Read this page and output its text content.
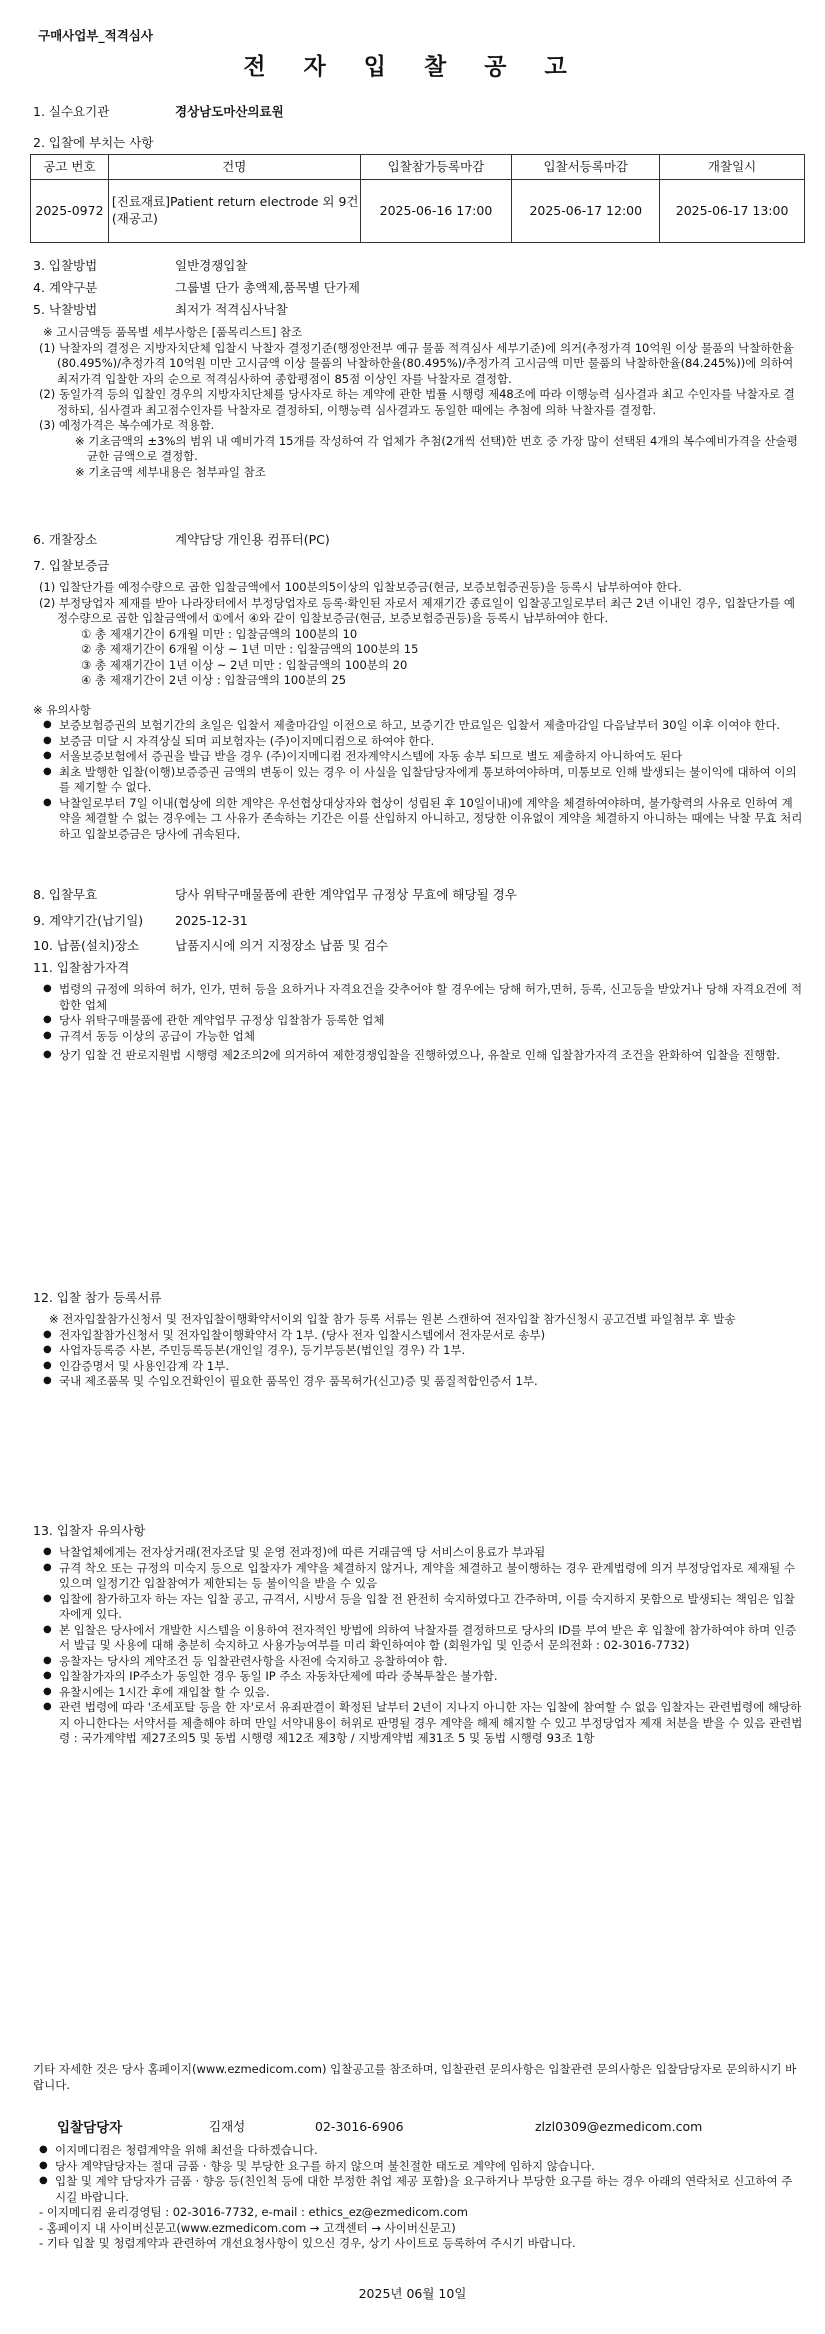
구매사업부_적격심사
전 자 입 찰 공 고
1. 실수요기관	경상남도마산의료원
2. 입찰에 부치는 사항
공고 번호	건명	입찰참가등록마감	입찰서등록마감	개찰일시
2025-0972	[진료재료]Patient return electrode 외 9건(재공고)	2025-06-16 17:00	2025-06-17 12:00	2025-06-17 13:00
3. 입찰방법	일반경쟁입찰
4. 계약구분	그룹별 단가 총액제,품목별 단가제
5. 낙찰방법	최저가 적격심사낙찰

※ 고시금액등 품목별 세부사항은 [품목리스트] 참조

(1) 낙찰자의 결정은 지방자치단체 입찰시 낙찰자 결정기준(행정안전부 예규 물품 적격심사 세부기준)에 의거(추정가격 10억원 이상 물품의 낙찰하한율(80.495%)/추정가격 10억원 미만 고시금액 이상 물품의 낙찰하한율(80.495%)/추정가격 고시금액 미만 물품의 낙찰하한율(84.245%))에 의하여 최저가격 입찰한 자의 순으로 적격심사하여 종합평점이 85점 이상인 자를 낙찰자로 결정함.

(2) 동일가격 등의 입찰인 경우의 지방자치단체를 당사자로 하는 계약에 관한 법률 시행령 제48조에 따라 이행능력 심사결과 최고 수인자를 낙찰자로 결정하되, 심사결과 최고점수인자를 낙찰자로 결정하되, 이행능력 심사결과도 동일한 때에는 추첨에 의하 낙찰자를 결정함.

(3) 예정가격은 복수예가로 적용함.

※ 기초금액의 ±3%의 범위 내 예비가격 15개를 작성하여 각 업체가 추첨(2개씩 선택)한 번호 중 가장 많이 선택된 4개의 복수예비가격을 산술평균한 금액으로 결정함.

※ 기초금액 세부내용은 첨부파일 참조

6. 개찰장소	계약담당 개인용 컴퓨터(PC)
7. 입찰보증금

(1) 입찰단가를 예정수량으로 곱한 입찰금액에서 100분의5이상의 입찰보증금(현금, 보증보험증권등)을 등록시 납부하여야 한다.

(2) 부정당업자 제재를 받아 나라장터에서 부정당업자로 등록·확인된 자로서 제재기간 종료일이 입찰공고일로부터 최근 2년 이내인 경우, 입찰단가를 예정수량으로 곱한 입찰금액에서 ①에서 ④와 같이 입찰보증금(현금, 보증보험증권등)을 등록시 납부하여야 한다.

① 총 제재기간이 6개월 미만 : 입찰금액의 100분의 10

② 총 제재기간이 6개월 이상 ~ 1년 미만 : 입찰금액의 100분의 15

③ 총 제재기간이 1년 이상 ~ 2년 미만 : 입찰금액의 100분의 20

④ 총 제재기간이 2년 이상 : 입찰금액의 100분의 25

※ 유의사항

● 보증보험증권의 보험기간의 초일은 입찰서 제출마감일 이전으로 하고, 보증기간 만료일은 입찰서 제출마감일 다음날부터 30일 이후 이여야 한다.
● 보증금 미달 시 자격상실 되며 피보험자는 (주)이지메디컴으로 하여야 한다.
● 서울보증보험에서 증권을 발급 받을 경우 (주)이지메디컴 전자계약시스템에 자동 송부 되므로 별도 제출하지 아니하여도 된다
● 최초 발행한 입찰(이행)보증증권 금액의 변동이 있는 경우 이 사실을 입찰담당자에게 통보하여야하며, 미통보로 인해 발생되는 불이익에 대하여 이의를 제기할 수 없다.
● 낙찰일로부터 7일 이내(협상에 의한 계약은 우선협상대상자와 협상이 성립된 후 10일이내)에 계약을 체결하여야하며, 불가항력의 사유로 인하여 계약을 체결할 수 없는 경우에는 그 사유가 존속하는 기간은 이를 산입하지 아니하고, 정당한 이유없이 계약을 체결하지 아니하는 때에는 낙찰 무효 처리하고 입찰보증금은 당사에 귀속된다.
8. 입찰무효	당사 위탁구매물품에 관한 계약업무 규정상 무효에 해당될 경우
9. 계약기간(납기일)	2025-12-31
10. 납품(설치)장소	납품지시에 의거 지정장소 납품 및 검수
11. 입찰참가자격
● 법령의 규정에 의하여 허가, 인가, 면허 등을 요하거나 자격요건을 갖추어야 할 경우에는 당해 허가,면허, 등록, 신고등을 받았거나 당해 자격요건에 적합한 업체
● 당사 위탁구매물품에 관한 계약업무 규정상 입찰참가 등록한 업체
● 규격서 동등 이상의 공급이 가능한 업체
● 상기 입찰 건 판로지원법 시행령 제2조의2에 의거하여 제한경쟁입찰을 진행하였으나, 유찰로 인해 입찰참가자격 조건을 완화하여 입찰을 진행함.
12. 입찰 참가 등록서류

※ 전자입찰참가신청서 및 전자입찰이행확약서이외 입찰 참가 등록 서류는 원본 스캔하여 전자입찰 참가신청시 공고건별 파일첨부 후 발송

● 전자입찰참가신청서 및 전자입찰이행확약서 각 1부. (당사 전자 입찰시스템에서 전자문서로 송부)
● 사업자등록증 사본, 주민등록등본(개인일 경우), 등기부등본(법인일 경우) 각 1부.
● 인감증명서 및 사용인감계 각 1부.
● 국내 제조품목 및 수입오건확인이 필요한 품목인 경우 품목허가(신고)증 및 품질적합인증서 1부.
13. 입찰자 유의사항
● 낙찰업체에게는 전자상거래(전자조달 및 운영 전과정)에 따른 거래금액 당 서비스이용료가 부과됨
● 규격 착오 또는 규정의 미숙지 등으로 입찰자가 계약을 체결하지 않거나, 계약을 체결하고 불이행하는 경우 관계법령에 의거 부정당업자로 제재될 수 있으며 일정기간 입찰참여가 제한되는 등 불이익을 받을 수 있음
● 입찰에 참가하고자 하는 자는 입찰 공고, 규격서, 시방서 등을 입찰 전 완전히 숙지하였다고 간주하며, 이를 숙지하지 못함으로 발생되는 책임은 입찰자에게 있다.
● 본 입찰은 당사에서 개발한 시스템을 이용하여 전자적인 방법에 의하여 낙찰자를 결정하므로 당사의 ID를 부여 받은 후 입찰에 참가하여야 하며 인증서 발급 및 사용에 대해 충분히 숙지하고 사용가능여부를 미리 확인하여야 함 (회원가입 및 인증서 문의전화 : 02-3016-7732)
● 응찰자는 당사의 계약조건 등 입찰관련사항을 사전에 숙지하고 응찰하여야 함.
● 입찰참가자의 IP주소가 동일한 경우 동일 IP 주소 자동차단제에 따라 중복투찰은 불가함.
● 유찰시에는 1시간 후에 재입찰 할 수 있음.
● 관련 법령에 따라 '조세포탈 등을 한 자'로서 유죄판결이 확정된 날부터 2년이 지나지 아니한 자는 입찰에 참여할 수 없음 입찰자는 관련법령에 해당하지 아니한다는 서약서를 제출해야 하며 만일 서약내용이 허위로 판명될 경우 계약을 해제 해지할 수 있고 부정당업자 제재 처분을 받을 수 있음 관련법령 : 국가계약법 제27조의5 및 동법 시행령 제12조 제3항 / 지방계약법 제31조 5 및 동법 시행령 93조 1항
기타 자세한 것은 당사 홈페이지(www.ezmedicom.com) 입찰공고를 참조하며, 입찰관련 문의사항은 입찰관련 문의사항은 입찰담당자로 문의하시기 바랍니다.
입찰담당자	김재성	02-3016-6906	zlzl0309@ezmedicom.com
● 이지메디컴은 청렴계약을 위해 최선을 다하겠습니다.
● 당사 계약담당자는 절대 금품 · 향응 및 부당한 요구를 하지 않으며 불친절한 태도로 계약에 임하지 않습니다.
● 입찰 및 계약 담당자가 금품 · 향응 등(친인척 등에 대한 부정한 취업 제공 포함)을 요구하거나 부당한 요구를 하는 경우 아래의 연락처로 신고하여 주시길 바랍니다.

- 이지메디컴 윤리경영팀 : 02-3016-7732, e-mail : ethics_ez@ezmedicom.com

- 홈페이지 내 사이버신문고(www.ezmedicom.com → 고객센터 → 사이버신문고)

- 기타 입찰 및 청렴계약과 관련하여 개선요청사항이 있으신 경우, 상기 사이트로 등록하여 주시기 바랍니다.

2025년 06월 10일
